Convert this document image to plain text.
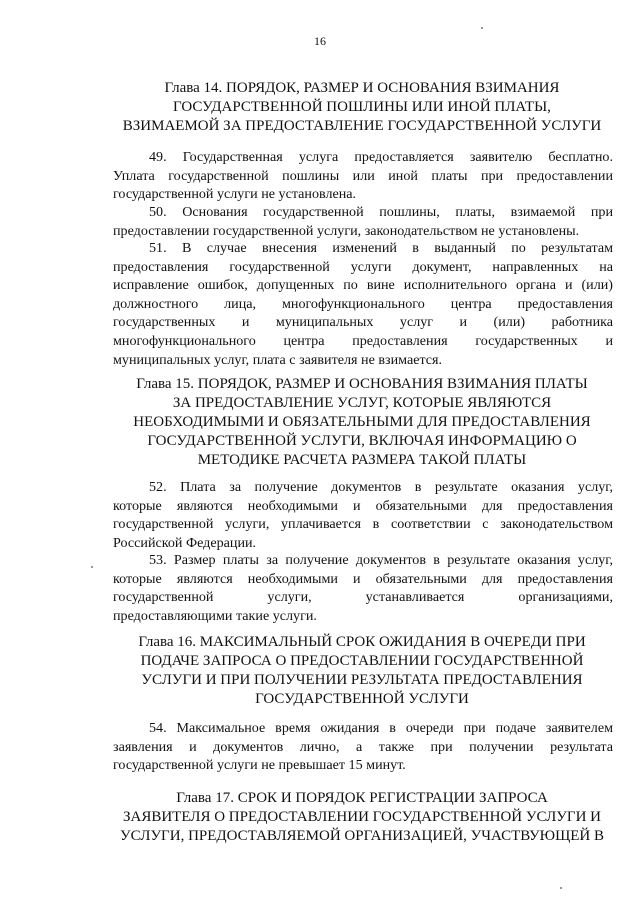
16
Глава 14. ПОРЯДОК, РАЗМЕР И ОСНОВАНИЯ ВЗИМАНИЯ
ГОСУДАРСТВЕННОЙ ПОШЛИНЫ ИЛИ ИНОЙ ПЛАТЫ,
ВЗИМАЕМОЙ ЗА ПРЕДОСТАВЛЕНИЕ ГОСУДАРСТВЕННОЙ УСЛУГИ
49. Государственная услуга предоставляется заявителю бесплатно.
Уплата государственной пошлины или иной платы при предоставлении
государственной услуги не установлена.
50. Основания государственной пошлины, платы, взимаемой при
предоставлении государственной услуги, законодательством не установлены.
51. В случае внесения изменений в выданный по результатам
предоставления государственной услуги документ, направленных на
исправление ошибок, допущенных по вине исполнительного органа и (или)
должностного лица, многофункционального центра предоставления
государственных и муниципальных услуг и (или) работника
многофункционального центра предоставления государственных и
муниципальных услуг, плата с заявителя не взимается.
Глава 15. ПОРЯДОК, РАЗМЕР И ОСНОВАНИЯ ВЗИМАНИЯ ПЛАТЫ
ЗА ПРЕДОСТАВЛЕНИЕ УСЛУГ, КОТОРЫЕ ЯВЛЯЮТСЯ
НЕОБХОДИМЫМИ И ОБЯЗАТЕЛЬНЫМИ ДЛЯ ПРЕДОСТАВЛЕНИЯ
ГОСУДАРСТВЕННОЙ УСЛУГИ, ВКЛЮЧАЯ ИНФОРМАЦИЮ О
МЕТОДИКЕ РАСЧЕТА РАЗМЕРА ТАКОЙ ПЛАТЫ
52. Плата за получение документов в результате оказания услуг,
которые являются необходимыми и обязательными для предоставления
государственной услуги, уплачивается в соответствии с законодательством
Российской Федерации.
53. Размер платы за получение документов в результате оказания услуг,
которые являются необходимыми и обязательными для предоставления
государственной услуги, устанавливается организациями,
предоставляющими такие услуги.
Глава 16. МАКСИМАЛЬНЫЙ СРОК ОЖИДАНИЯ В ОЧЕРЕДИ ПРИ
ПОДАЧЕ ЗАПРОСА О ПРЕДОСТАВЛЕНИИ ГОСУДАРСТВЕННОЙ
УСЛУГИ И ПРИ ПОЛУЧЕНИИ РЕЗУЛЬТАТА ПРЕДОСТАВЛЕНИЯ
ГОСУДАРСТВЕННОЙ УСЛУГИ
54. Максимальное время ожидания в очереди при подаче заявителем
заявления и документов лично, а также при получении результата
государственной услуги не превышает 15 минут.
Глава 17. СРОК И ПОРЯДОК РЕГИСТРАЦИИ ЗАПРОСА
ЗАЯВИТЕЛЯ О ПРЕДОСТАВЛЕНИИ ГОСУДАРСТВЕННОЙ УСЛУГИ И
УСЛУГИ, ПРЕДОСТАВЛЯЕМОЙ ОРГАНИЗАЦИЕЙ, УЧАСТВУЮЩЕЙ В
